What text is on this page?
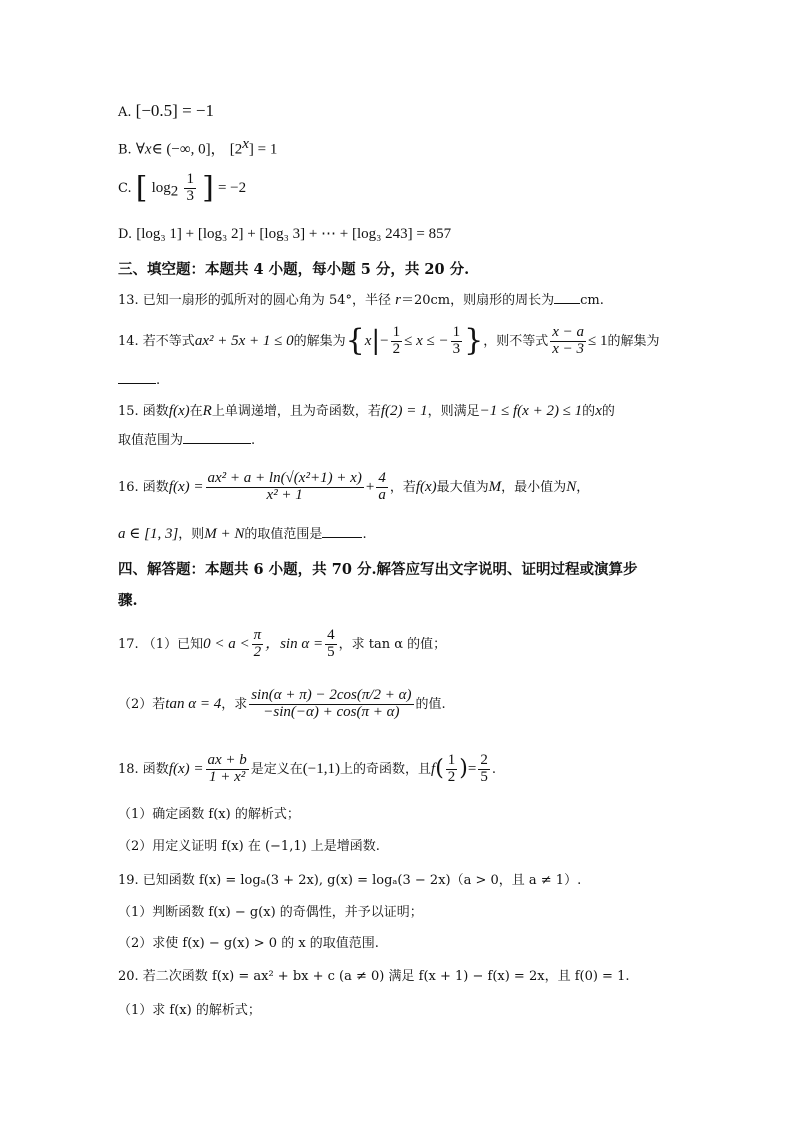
A. [−0.5] = −1
B. ∀x∈ (−∞, 0]， $[2^x] = 1$
C. [ $\log_2 \frac{1}{3}$ ] = −2
D. [log₃ 1] + [log₃ 2] + [log₃ 3] + ⋯ + [log₃ 243] = 857
三、填空题：本题共 4 小题，每小题 5 分，共 20 分.
13. 已知一扇形的弧所对的圆心角为 54°，半径 r＝20cm，则扇形的周长为 cm.
14. 若不等式 ax² + 5x + 1 ≤ 0 的解集为 { x | − $\frac{1}{2} \le x$ ≤ − $\frac{1}{3}$ } ，则不等式 $\frac{x - a}{x - 3} \le 1$ 的解集为
.
15. 函数f(x)在R上单调递增，且为奇函数，若f(2) = 1，则满足−1 ≤ f(x + 2) ≤ 1的x的
取值范围为	.
16. 函数 $f(x) = \frac{\text{ax² + a + ln(√(x²+1) + x)}}{\text{x² + 1}} + \frac{4}{a}$ ，若 f(x) 最大值为 M ，最小值为 N ，
a ∈ [1, 3]，则M + N的取值范围是	.
四、解答题：本题共 6 小题，共 70 分.解答应写出文字说明、证明过程或演算步
骤.
17. （1）已知 $0 < a < \frac{\pi}{2}$ ，$\sin \alpha = \frac{4}{5}$ ，求 tan α 的值；
（2）若 tan α = 4 ，求 $\frac{\sin(\alpha + \pi) - 2\cos(\pi/2 + \alpha)}{-\sin(-\alpha) + \cos(\pi + \alpha)}$ 的值.
18. 函数 $f(x) = \frac{ax + b}{\text{1 + x²}}$ 是定义在 (−1,1) 上的奇函数，且 f ( $\frac{1}{2}$ ) = $\frac{2}{5}$ .
（1）确定函数 f(x) 的解析式；
（2）用定义证明 f(x) 在 (−1,1) 上是增函数.
19. 已知函数 f(x) = logₐ(3 + 2x), g(x) = logₐ(3 − 2x)（a > 0，且 a ≠ 1）.
（1）判断函数 f(x) − g(x) 的奇偶性，并予以证明；
（2）求使 f(x) − g(x) > 0 的 x 的取值范围.
20. 若二次函数 f(x) = ax² + bx + c (a ≠ 0) 满足 f(x + 1) − f(x) = 2x，且 f(0) = 1.
（1）求 f(x) 的解析式；
